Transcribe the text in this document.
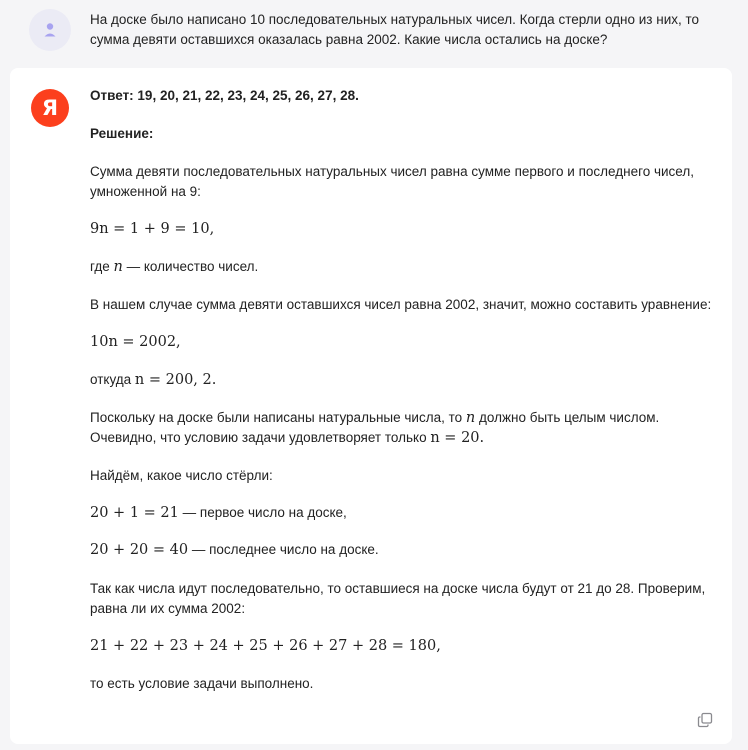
На доске было написано 10 последовательных натуральных чисел. Когда стерли одно из них, то
сумма девяти оставшихся оказалась равна 2002. Какие числа остались на доске?
Я
Ответ: 19, 20, 21, 22, 23, 24, 25, 26, 27, 28.
Решение:
Сумма девяти последовательных натуральных чисел равна сумме первого и последнего чисел,
умноженной на 9:
9n = 1 + 9 = 10,
где n — количество чисел.
В нашем случае сумма девяти оставшихся чисел равна 2002, значит, можно составить уравнение:
10n = 2002,
откуда n = 200, 2.
Поскольку на доске были написаны натуральные числа, то n должно быть целым числом.
Очевидно, что условию задачи удовлетворяет только n = 20.
Найдём, какое число стёрли:
20 + 1 = 21 — первое число на доске,
20 + 20 = 40 — последнее число на доске.
Так как числа идут последовательно, то оставшиеся на доске числа будут от 21 до 28. Проверим,
равна ли их сумма 2002:
21 + 22 + 23 + 24 + 25 + 26 + 27 + 28 = 180,
то есть условие задачи выполнено.
